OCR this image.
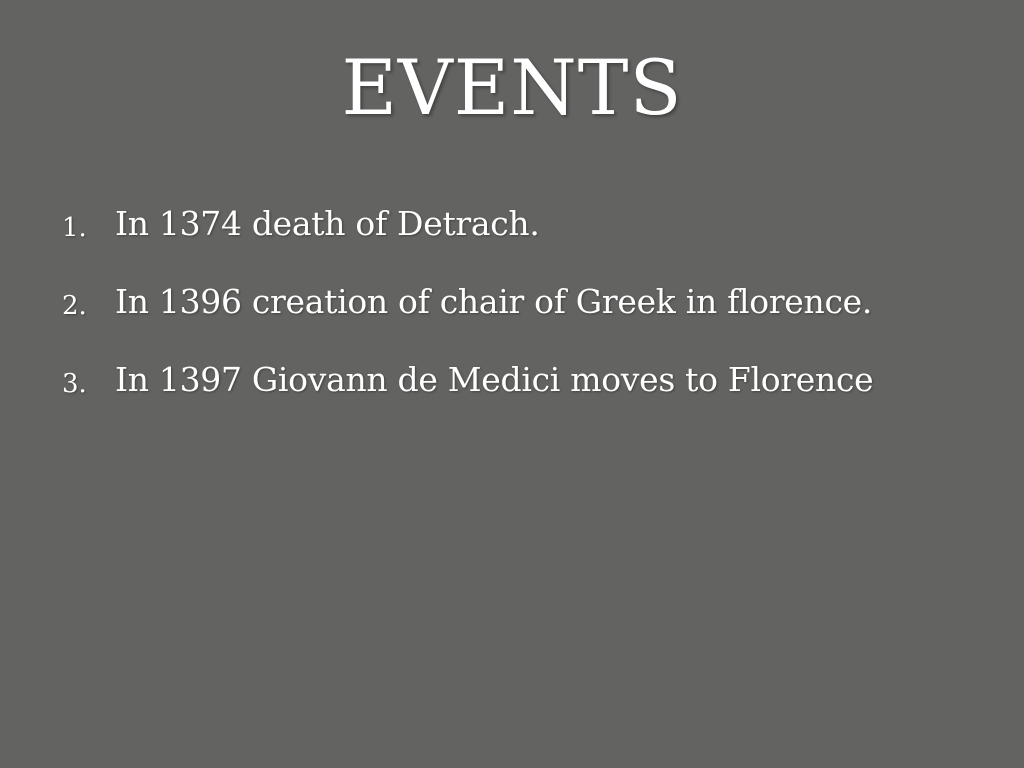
EVENTS
1. In 1374 death of Detrach.
2. In 1396 creation of chair of Greek in florence.
3. In 1397 Giovann de Medici moves to Florence
